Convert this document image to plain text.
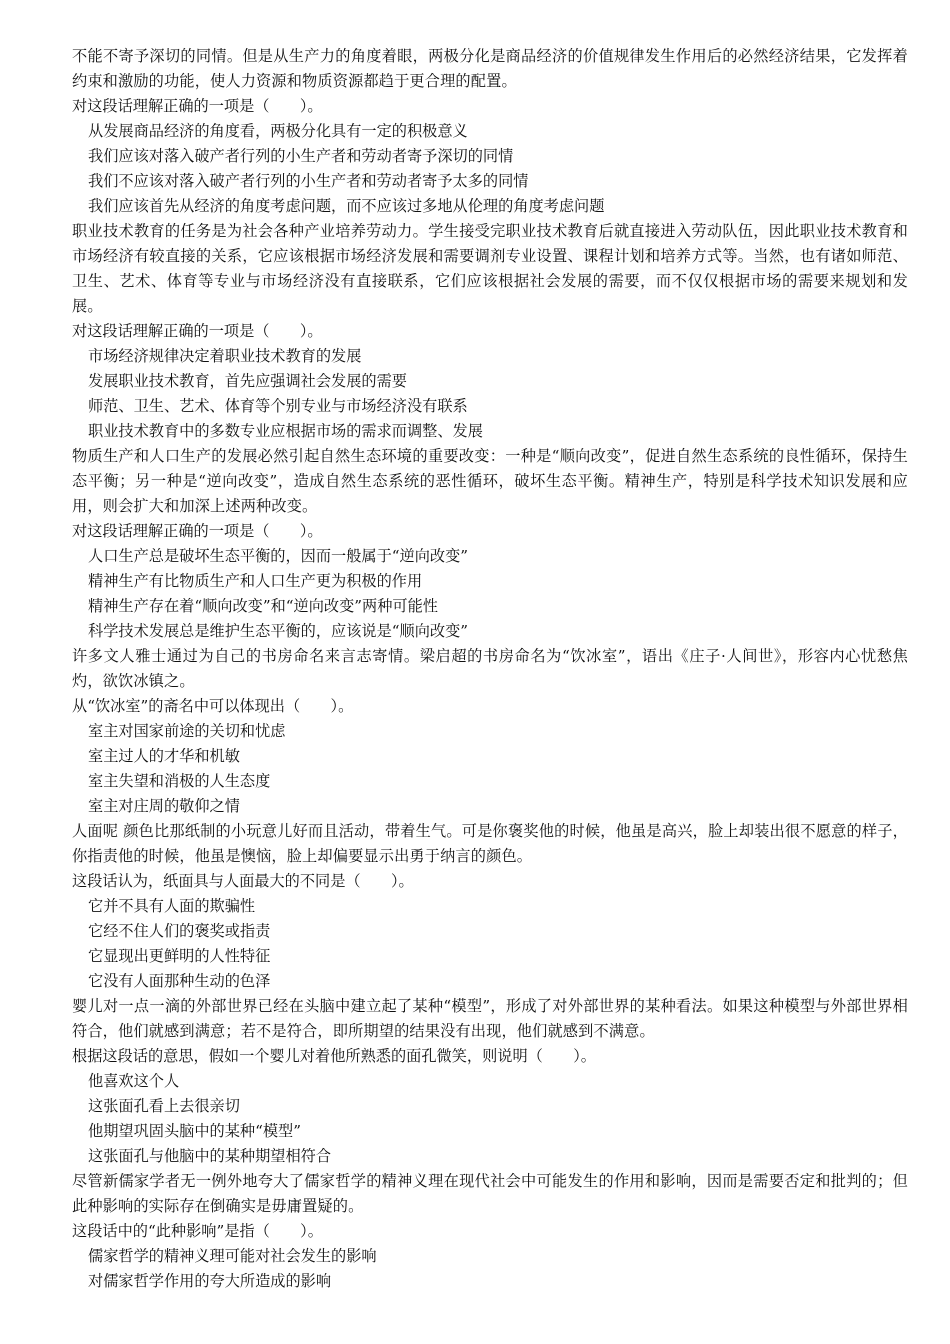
不能不寄予深切的同情。但是从生产力的角度着眼，两极分化是商品经济的价值规律发生作用后的必然经济结果，它发挥着约束和激励的功能，使人力资源和物质资源都趋于更合理的配置。

对这段话理解正确的一项是（　　）。

从发展商品经济的角度看，两极分化具有一定的积极意义

我们应该对落入破产者行列的小生产者和劳动者寄予深切的同情

我们不应该对落入破产者行列的小生产者和劳动者寄予太多的同情

我们应该首先从经济的角度考虑问题，而不应该过多地从伦理的角度考虑问题

职业技术教育的任务是为社会各种产业培养劳动力。学生接受完职业技术教育后就直接进入劳动队伍，因此职业技术教育和市场经济有较直接的关系，它应该根据市场经济发展和需要调剂专业设置、课程计划和培养方式等。当然，也有诸如师范、卫生、艺术、体育等专业与市场经济没有直接联系，它们应该根据社会发展的需要，而不仅仅根据市场的需要来规划和发展。

对这段话理解正确的一项是（　　）。

市场经济规律决定着职业技术教育的发展

发展职业技术教育，首先应强调社会发展的需要

师范、卫生、艺术、体育等个别专业与市场经济没有联系

职业技术教育中的多数专业应根据市场的需求而调整、发展

物质生产和人口生产的发展必然引起自然生态环境的重要改变：一种是“顺向改变”，促进自然生态系统的良性循环，保持生态平衡；另一种是“逆向改变”，造成自然生态系统的恶性循环，破坏生态平衡。精神生产，特别是科学技术知识发展和应用，则会扩大和加深上述两种改变。

对这段话理解正确的一项是（　　）。

人口生产总是破坏生态平衡的，因而一般属于“逆向改变”

精神生产有比物质生产和人口生产更为积极的作用

精神生产存在着“顺向改变”和“逆向改变”两种可能性

科学技术发展总是维护生态平衡的，应该说是“顺向改变”

许多文人雅士通过为自己的书房命名来言志寄情。梁启超的书房命名为“饮冰室”，语出《庄子·人间世》，形容内心忧愁焦灼，欲饮冰镇之。

从“饮冰室”的斋名中可以体现出（　　）。

室主对国家前途的关切和忧虑

室主过人的才华和机敏

室主失望和消极的人生态度

室主对庄周的敬仰之情

人面呢 颜色比那纸制的小玩意儿好而且活动，带着生气。可是你褒奖他的时候，他虽是高兴，脸上却装出很不愿意的样子，你指责他的时候，他虽是懊恼，脸上却偏要显示出勇于纳言的颜色。

这段话认为，纸面具与人面最大的不同是（　　）。

它并不具有人面的欺骗性

它经不住人们的褒奖或指责

它显现出更鲜明的人性特征

它没有人面那种生动的色泽

婴儿对一点一滴的外部世界已经在头脑中建立起了某种“模型”，形成了对外部世界的某种看法。如果这种模型与外部世界相符合，他们就感到满意；若不是符合，即所期望的结果没有出现，他们就感到不满意。

根据这段话的意思，假如一个婴儿对着他所熟悉的面孔微笑，则说明（　　）。

他喜欢这个人

这张面孔看上去很亲切

他期望巩固头脑中的某种“模型”

这张面孔与他脑中的某种期望相符合

尽管新儒家学者无一例外地夸大了儒家哲学的精神义理在现代社会中可能发生的作用和影响，因而是需要否定和批判的；但此种影响的实际存在倒确实是毋庸置疑的。

这段话中的“此种影响”是指（　　）。

儒家哲学的精神义理可能对社会发生的影响

对儒家哲学作用的夸大所造成的影响
